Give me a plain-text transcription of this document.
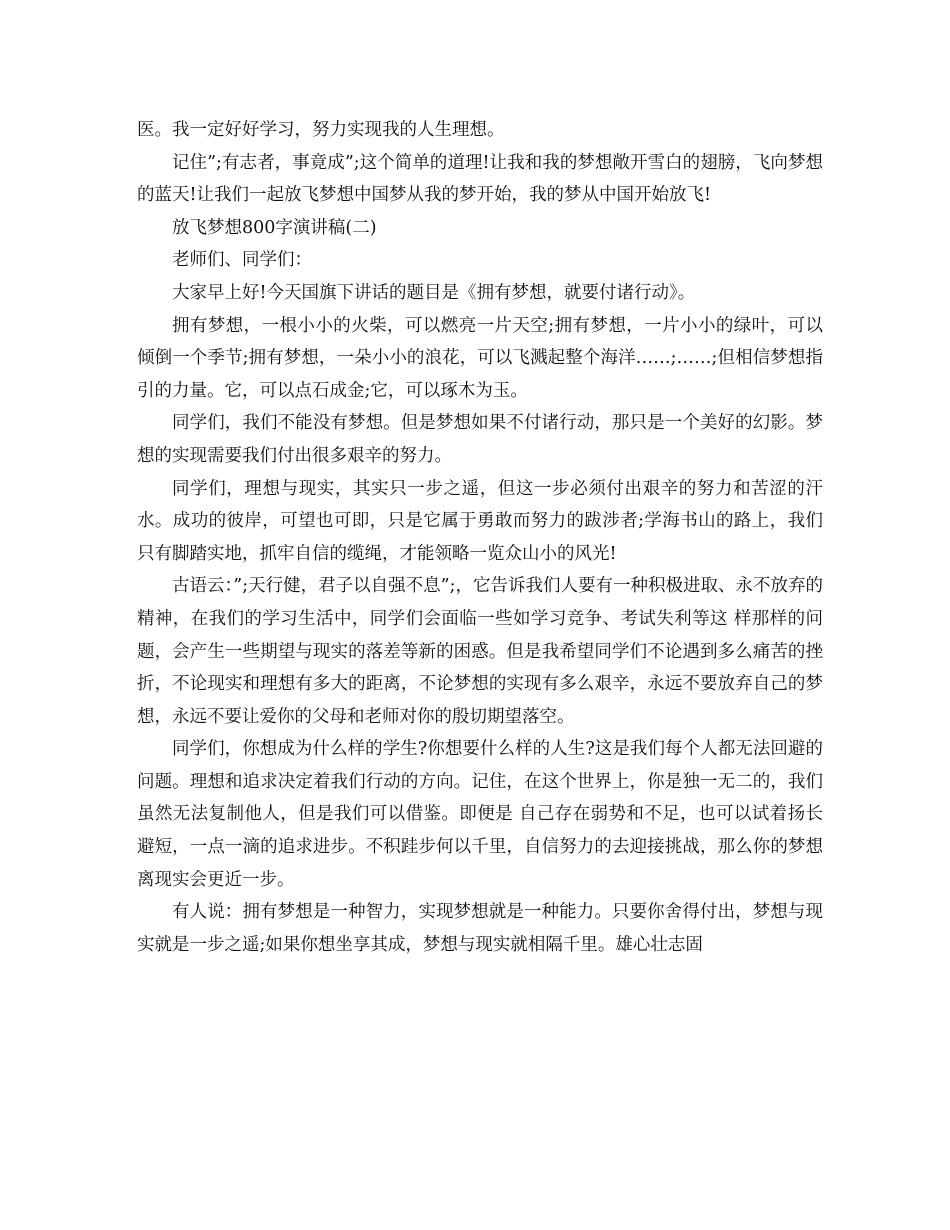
医。我一定好好学习，努力实现我的人生理想。

记住”;有志者，事竟成”;这个简单的道理!让我和我的梦想敞开雪白的翅膀，飞向梦想的蓝天!让我们一起放飞梦想中国梦从我的梦开始，我的梦从中国开始放飞!

放飞梦想800字演讲稿(二)

老师们、同学们：

大家早上好!今天国旗下讲话的题目是《拥有梦想，就要付诸行动》。

拥有梦想，一根小小的火柴，可以燃亮一片天空;拥有梦想，一片小小的绿叶，可以倾倒一个季节;拥有梦想，一朵小小的浪花，可以飞溅起整个海洋……;……;但相信梦想指引的力量。它，可以点石成金;它，可以琢木为玉。

同学们，我们不能没有梦想。但是梦想如果不付诸行动，那只是一个美好的幻影。梦想的实现需要我们付出很多艰辛的努力。

同学们，理想与现实，其实只一步之遥，但这一步必须付出艰辛的努力和苦涩的汗水。成功的彼岸，可望也可即，只是它属于勇敢而努力的跋涉者;学海书山的路上，我们只有脚踏实地，抓牢自信的缆绳，才能领略一览众山小的风光!

古语云：”;天行健，君子以自强不息”;，它告诉我们人要有一种积极进取、永不放弃的精神，在我们的学习生活中，同学们会面临一些如学习竞争、考试失利等这 样那样的问题，会产生一些期望与现实的落差等新的困惑。但是我希望同学们不论遇到多么痛苦的挫折，不论现实和理想有多大的距离，不论梦想的实现有多么艰辛，永远不要放弃自己的梦想，永远不要让爱你的父母和老师对你的殷切期望落空。

同学们，你想成为什么样的学生?你想要什么样的人生?这是我们每个人都无法回避的问题。理想和追求决定着我们行动的方向。记住，在这个世界上，你是独一无二的，我们虽然无法复制他人，但是我们可以借鉴。即便是 自己存在弱势和不足，也可以试着扬长避短，一点一滴的追求进步。不积跬步何以千里，自信努力的去迎接挑战，那么你的梦想离现实会更近一步。

有人说：拥有梦想是一种智力，实现梦想就是一种能力。只要你舍得付出，梦想与现实就是一步之遥;如果你想坐享其成，梦想与现实就相隔千里。雄心壮志固
